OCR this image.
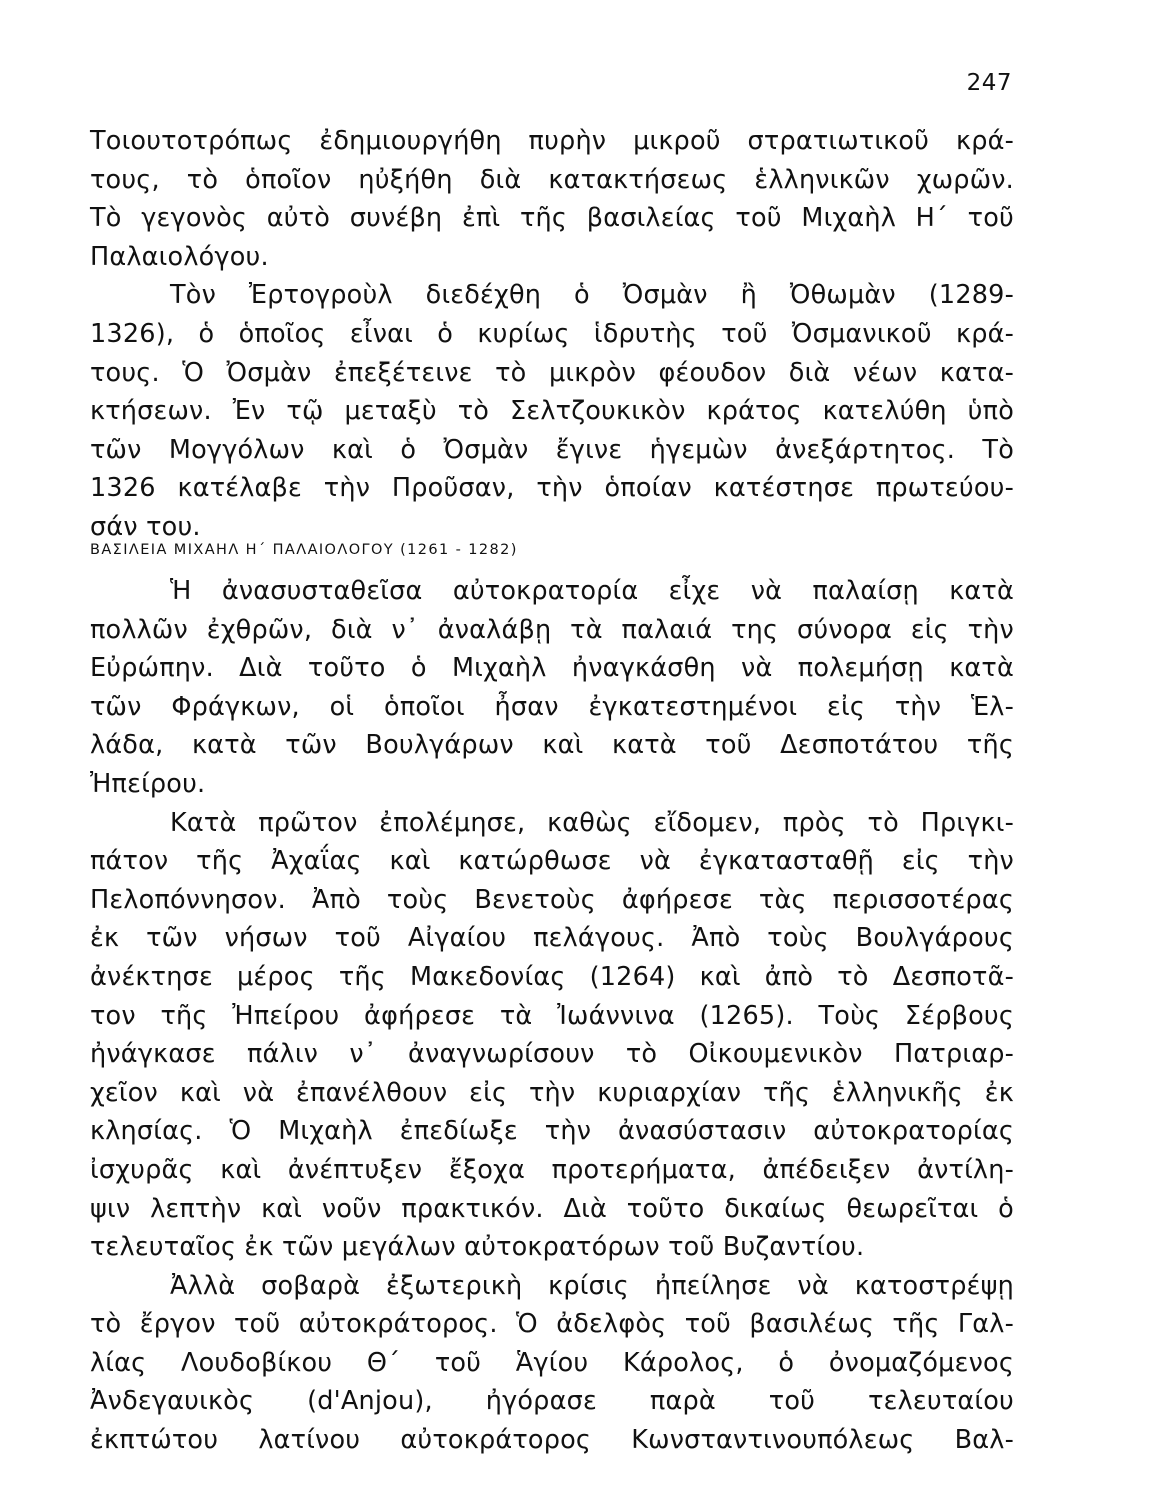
247
Τοιουτοτρόπως ἐδημιουργήθη πυρὴν μικροῦ στρατιωτικοῦ κρά-
τους, τὸ ὁποῖον ηὐξήθη διὰ κατακτήσεως ἑλληνικῶν χωρῶν.
Τὸ γεγονὸς αὐτὸ συνέβη ἐπὶ τῆς βασιλείας τοῦ Μιχαὴλ Η΄ τοῦ
Παλαιολόγου.
Τὸν Ἐρτογροὺλ διεδέχθη ὁ Ὀσμὰν ἢ Ὀθωμὰν (1289-
1326), ὁ ὁποῖος εἶναι ὁ κυρίως ἱδρυτὴς τοῦ Ὀσμανικοῦ κρά-
τους. Ὁ Ὀσμὰν ἐπεξέτεινε τὸ μικρὸν φέουδον διὰ νέων κατα-
κτήσεων. Ἐν τῷ μεταξὺ τὸ Σελτζουκικὸν κράτος κατελύθη ὑπὸ
τῶν Μογγόλων καὶ ὁ Ὀσμὰν ἔγινε ἡγεμὼν ἀνεξάρτητος. Τὸ
1326 κατέλαβε τὴν Προῦσαν, τὴν ὁποίαν κατέστησε πρωτεύου-
σάν του.
ΒΑΣΙΛΕΙΑ ΜΙΧΑΗΛ Η΄ ΠΑΛΑΙΟΛΟΓΟΥ (1261 - 1282)
Ἡ ἀνασυσταθεῖσα αὐτοκρατορία εἶχε νὰ παλαίσῃ κατὰ
πολλῶν ἐχθρῶν, διὰ ν᾽ ἀναλάβῃ τὰ παλαιά της σύνορα εἰς τὴν
Εὐρώπην. Διὰ τοῦτο ὁ Μιχαὴλ ἠναγκάσθη νὰ πολεμήσῃ κατὰ
τῶν Φράγκων, οἱ ὁποῖοι ἦσαν ἐγκατεστημένοι εἰς τὴν Ἑλ-
λάδα, κατὰ τῶν Βουλγάρων καὶ κατὰ τοῦ Δεσποτάτου τῆς
Ἠπείρου.
Κατὰ πρῶτον ἐπολέμησε, καθὼς εἴδομεν, πρὸς τὸ Πριγκι-
πάτον τῆς Ἀχαΐας καὶ κατώρθωσε νὰ ἐγκατασταθῇ εἰς τὴν
Πελοπόννησον. Ἀπὸ τοὺς Βενετοὺς ἀφήρεσε τὰς περισσοτέρας
ἐκ τῶν νήσων τοῦ Αἰγαίου πελάγους. Ἀπὸ τοὺς Βουλγάρους
ἀνέκτησε μέρος τῆς Μακεδονίας (1264) καὶ ἀπὸ τὸ Δεσποτᾶ-
τον τῆς Ἠπείρου ἀφήρεσε τὰ Ἰωάννινα (1265). Τοὺς Σέρβους
ἠνάγκασε πάλιν ν᾽ ἀναγνωρίσουν τὸ Οἰκουμενικὸν Πατριαρ-
χεῖον καὶ νὰ ἐπανέλθουν εἰς τὴν κυριαρχίαν τῆς ἑλληνικῆς ἐκ
κλησίας. Ὁ Μιχαὴλ ἐπεδίωξε τὴν ἀνασύστασιν αὐτοκρατορίας
ἰσχυρᾶς καὶ ἀνέπτυξεν ἔξοχα προτερήματα, ἀπέδειξεν ἀντίλη-
ψιν λεπτὴν καὶ νοῦν πρακτικόν. Διὰ τοῦτο δικαίως θεωρεῖται ὁ
τελευταῖος ἐκ τῶν μεγάλων αὐτοκρατόρων τοῦ Βυζαντίου.
Ἀλλὰ σοβαρὰ ἐξωτερικὴ κρίσις ἠπείλησε νὰ κατοστρέψῃ
τὸ ἔργον τοῦ αὐτοκράτορος. Ὁ ἀδελφὸς τοῦ βασιλέως τῆς Γαλ-
λίας Λουδοβίκου Θ΄ τοῦ Ἁγίου Κάρολος, ὁ ὀνομαζόμενος
Ἀνδεγαυικὸς (d'Anjou), ἠγόρασε παρὰ τοῦ τελευταίου
ἐκπτώτου λατίνου αὐτοκράτορος Κωνσταντινουπόλεως Βαλ-
